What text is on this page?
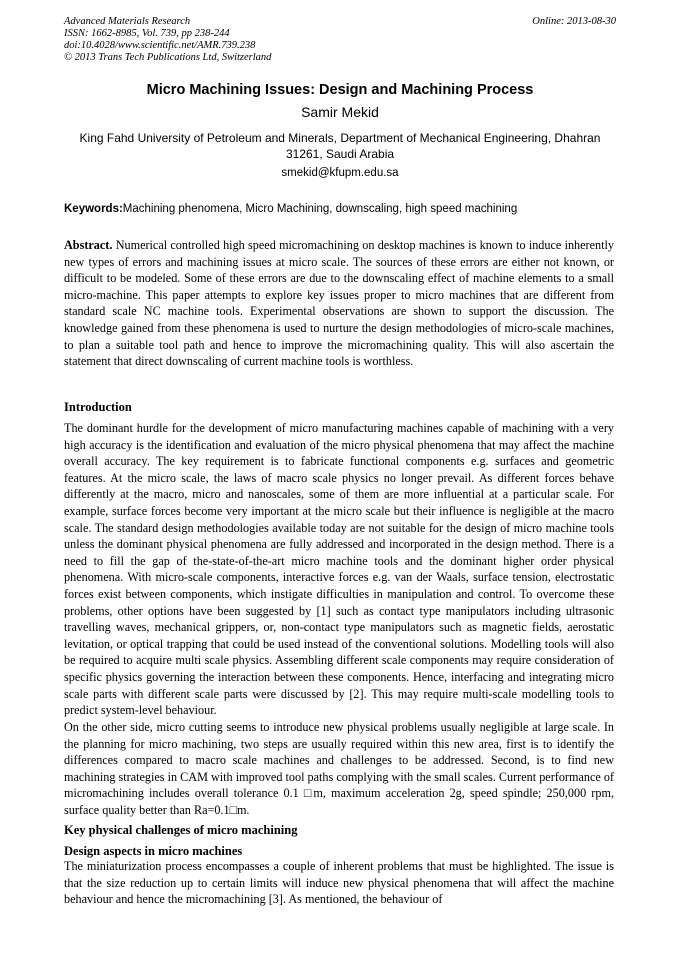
Advanced Materials Research
ISSN: 1662-8985, Vol. 739, pp 238-244
doi:10.4028/www.scientific.net/AMR.739.238
© 2013 Trans Tech Publications Ltd, Switzerland
Online: 2013-08-30
Micro Machining Issues: Design and Machining Process
Samir Mekid
King Fahd University of Petroleum and Minerals, Department of Mechanical Engineering, Dhahran 31261, Saudi Arabia
smekid@kfupm.edu.sa
Keywords:Machining phenomena, Micro Machining, downscaling, high speed machining

Abstract. Numerical controlled high speed micromachining on desktop machines is known to induce inherently new types of errors and machining issues at micro scale. The sources of these errors are either not known, or difficult to be modeled. Some of these errors are due to the downscaling effect of machine elements to a small micro-machine. This paper attempts to explore key issues proper to micro machines that are different from standard scale NC machine tools. Experimental observations are shown to support the discussion. The knowledge gained from these phenomena is used to nurture the design methodologies of micro-scale machines, to plan a suitable tool path and hence to improve the micromachining quality. This will also ascertain the statement that direct downscaling of current machine tools is worthless.

Introduction

The dominant hurdle for the development of micro manufacturing machines capable of machining with a very high accuracy is the identification and evaluation of the micro physical phenomena that may affect the machine overall accuracy. The key requirement is to fabricate functional components e.g. surfaces and geometric features. At the micro scale, the laws of macro scale physics no longer prevail. As different forces behave differently at the macro, micro and nanoscales, some of them are more influential at a particular scale. For example, surface forces become very important at the micro scale but their influence is negligible at the macro scale. The standard design methodologies available today are not suitable for the design of micro machine tools unless the dominant physical phenomena are fully addressed and incorporated in the design method. There is a need to fill the gap of the-state-of-the-art micro machine tools and the dominant higher order physical phenomena. With micro-scale components, interactive forces e.g. van der Waals, surface tension, electrostatic forces exist between components, which instigate difficulties in manipulation and control. To overcome these problems, other options have been suggested by [1] such as contact type manipulators including ultrasonic travelling waves, mechanical grippers, or, non-contact type manipulators such as magnetic fields, aerostatic levitation, or optical trapping that could be used instead of the conventional solutions. Modelling tools will also be required to acquire multi scale physics. Assembling different scale components may require consideration of specific physics governing the interaction between these components. Hence, interfacing and integrating micro scale parts with different scale parts were discussed by [2]. This may require multi-scale modelling tools to predict system-level behaviour.

On the other side, micro cutting seems to introduce new physical problems usually negligible at large scale. In the planning for micro machining, two steps are usually required within this new area, first is to identify the differences compared to macro scale machines and challenges to be addressed. Second, is to find new machining strategies in CAM with improved tool paths complying with the small scales. Current performance of micromachining includes overall tolerance 0.1 □m, maximum acceleration 2g, speed spindle; 250,000 rpm, surface quality better than Ra=0.1□m.

Key physical challenges of micro machining
Design aspects in micro machines

The miniaturization process encompasses a couple of inherent problems that must be highlighted. The issue is that the size reduction up to certain limits will induce new physical phenomena that will affect the machine behaviour and hence the micromachining [3]. As mentioned, the behaviour of
